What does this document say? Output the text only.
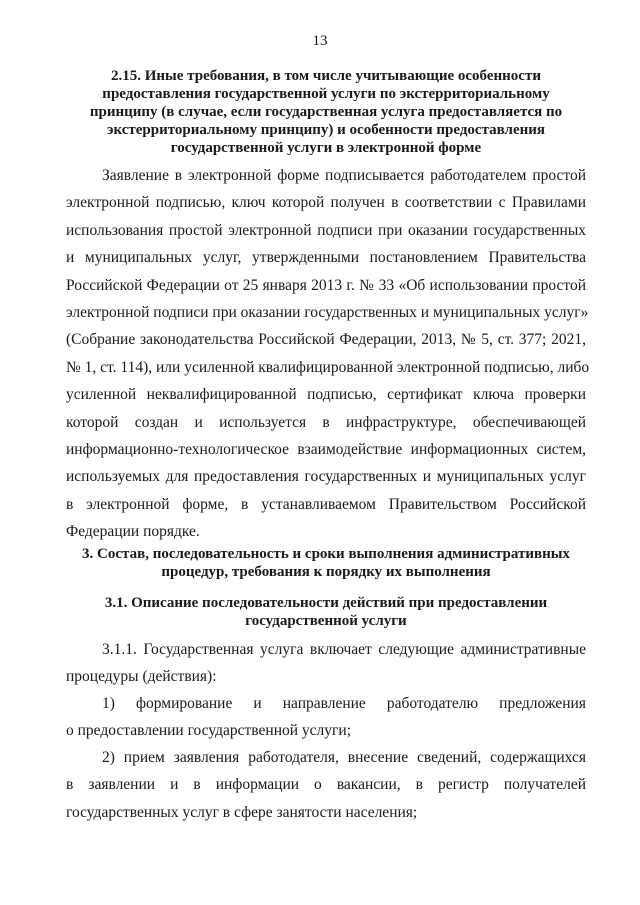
13

2.15. Иные требования, в том числе учитывающие особенности

предоставления государственной услуги по экстерриториальному

принципу (в случае, если государственная услуга предоставляется по

экстерриториальному принципу) и особенности предоставления

государственной услуги в электронной форме

Заявление в электронной форме подписывается работодателем простой
электронной подписью, ключ которой получен в соответствии с Правилами
использования простой электронной подписи при оказании государственных
и муниципальных услуг, утвержденными постановлением Правительства
Российской Федерации от 25 января 2013 г. № 33 «Об использовании простой
электронной подписи при оказании государственных и муниципальных услуг»
(Собрание законодательства Российской Федерации, 2013, № 5, ст. 377; 2021,
№ 1, ст. 114), или усиленной квалифицированной электронной подписью, либо
усиленной неквалифицированной подписью, сертификат ключа проверки
которой создан и используется в инфраструктуре, обеспечивающей
информационно-технологическое взаимодействие информационных систем,
используемых для предоставления государственных и муниципальных услуг
в электронной форме, в устанавливаемом Правительством Российской
Федерации порядке.

3. Состав, последовательность и сроки выполнения административных

процедур, требования к порядку их выполнения

3.1. Описание последовательности действий при предоставлении

государственной услуги

3.1.1. Государственная услуга включает следующие административные
процедуры (действия):
1) формирование и направление работодателю предложения
о предоставлении государственной услуги;
2) прием заявления работодателя, внесение сведений, содержащихся
в заявлении и в информации о вакансии, в регистр получателей
государственных услуг в сфере занятости населения;
